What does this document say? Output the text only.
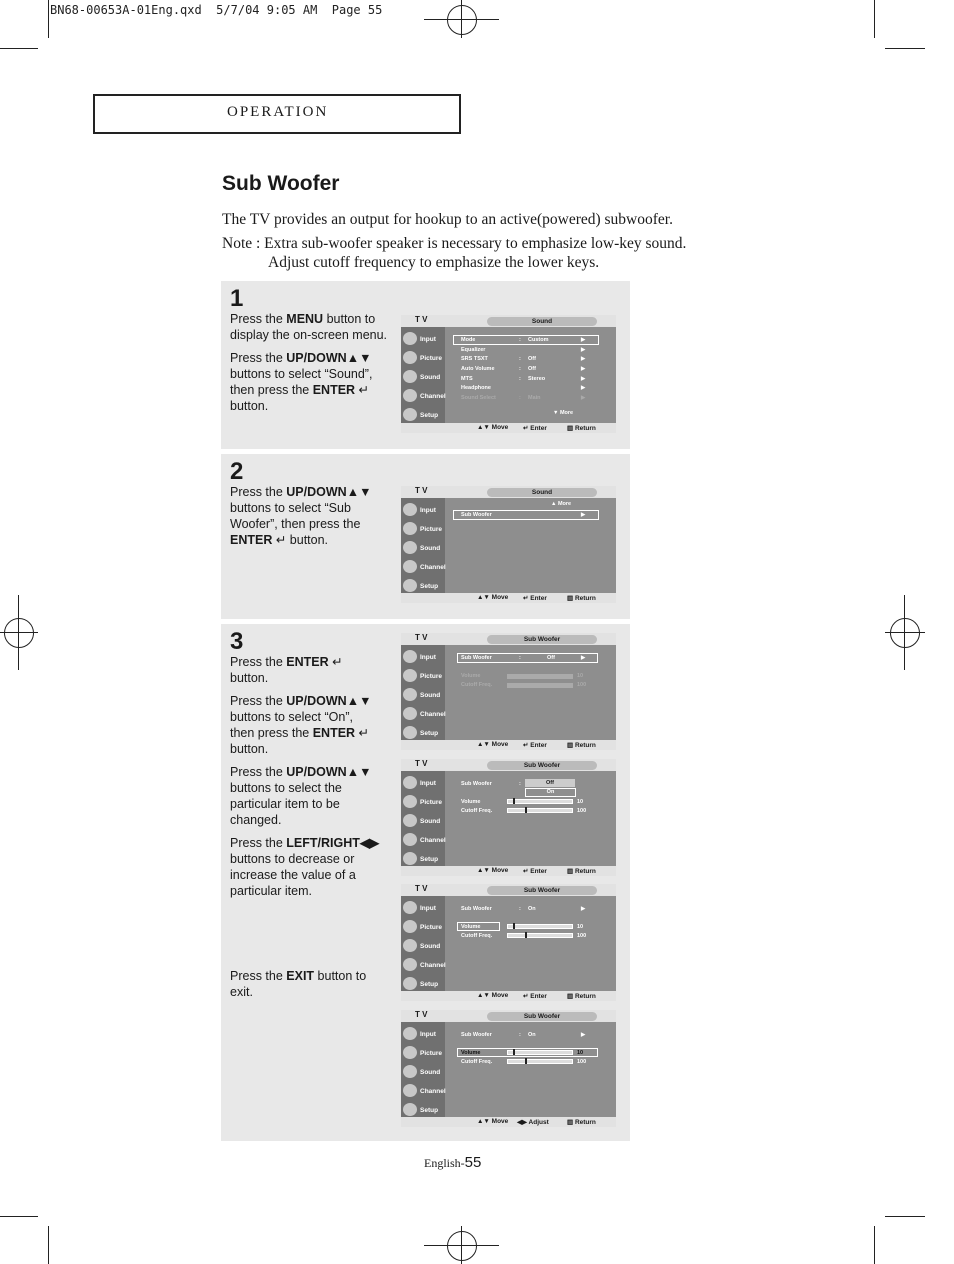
BN68-00653A-01Eng.qxd  5/7/04 9:05 AM  Page 55
OPERATION
Sub Woofer
The TV provides an output for hookup to an active(powered) subwoofer.
Note : Extra sub-woofer speaker is necessary to emphasize low-key sound.
Adjust cutoff frequency to emphasize the lower keys.
1

Press the MENU button to display the on-screen menu.

Press the UP/DOWN▲▼ buttons to select “Sound”, then press the ENTER ↵ button.

T V	Sound
Input
Picture
Sound
Channel
Setup
Mode	: Custom	▶
Equalizer	▶
SRS TSXT	: Off	▶
Auto Volume	: Off	▶
MTS	: Stereo	▶
Headphone	▶
Sound Select	: Main	▶
▼ More
▲▼ Move ↵ Enter	▥ Return
2

Press the UP/DOWN▲▼ buttons to select “Sub Woofer”, then press the ENTER ↵ button.

T V	Sound
Input
Picture
Sound
Channel
Setup
▲ More
Sub Woofer	▶
▲▼ Move ↵ Enter	▥ Return
3

Press the ENTER ↵ button.

Press the UP/DOWN▲▼ buttons to select “On”, then press the ENTER ↵ button.

Press the UP/DOWN▲▼ buttons to select the particular item to be changed.

Press the LEFT/RIGHT◀▶ buttons to decrease or increase the value of a particular item.

Press the EXIT button to exit.

T V	Sub Woofer
Input
Picture
Sound
Channel
Setup
Sub Woofer	:	Off	▶
Volume	10
Cutoff Freq.	100
▲▼ Move ↵ Enter	▥ Return
T V	Sub Woofer
Input
Picture
Sound
Channel
Setup
Sub Woofer	:	Off
On
Volume	10
Cutoff Freq.	100
▲▼ Move ↵ Enter	▥ Return
T V	Sub Woofer
Input
Picture
Sound
Channel
Setup
Sub Woofer	: On	▶
Volume	10
Cutoff Freq.	100
▲▼ Move ↵ Enter	▥ Return
T V	Sub Woofer
Input
Picture
Sound
Channel
Setup
Sub Woofer	: On	▶
Volume	10
Cutoff Freq.	100
▲▼ Move ◀▶ Adjust	▥ Return
English-55
